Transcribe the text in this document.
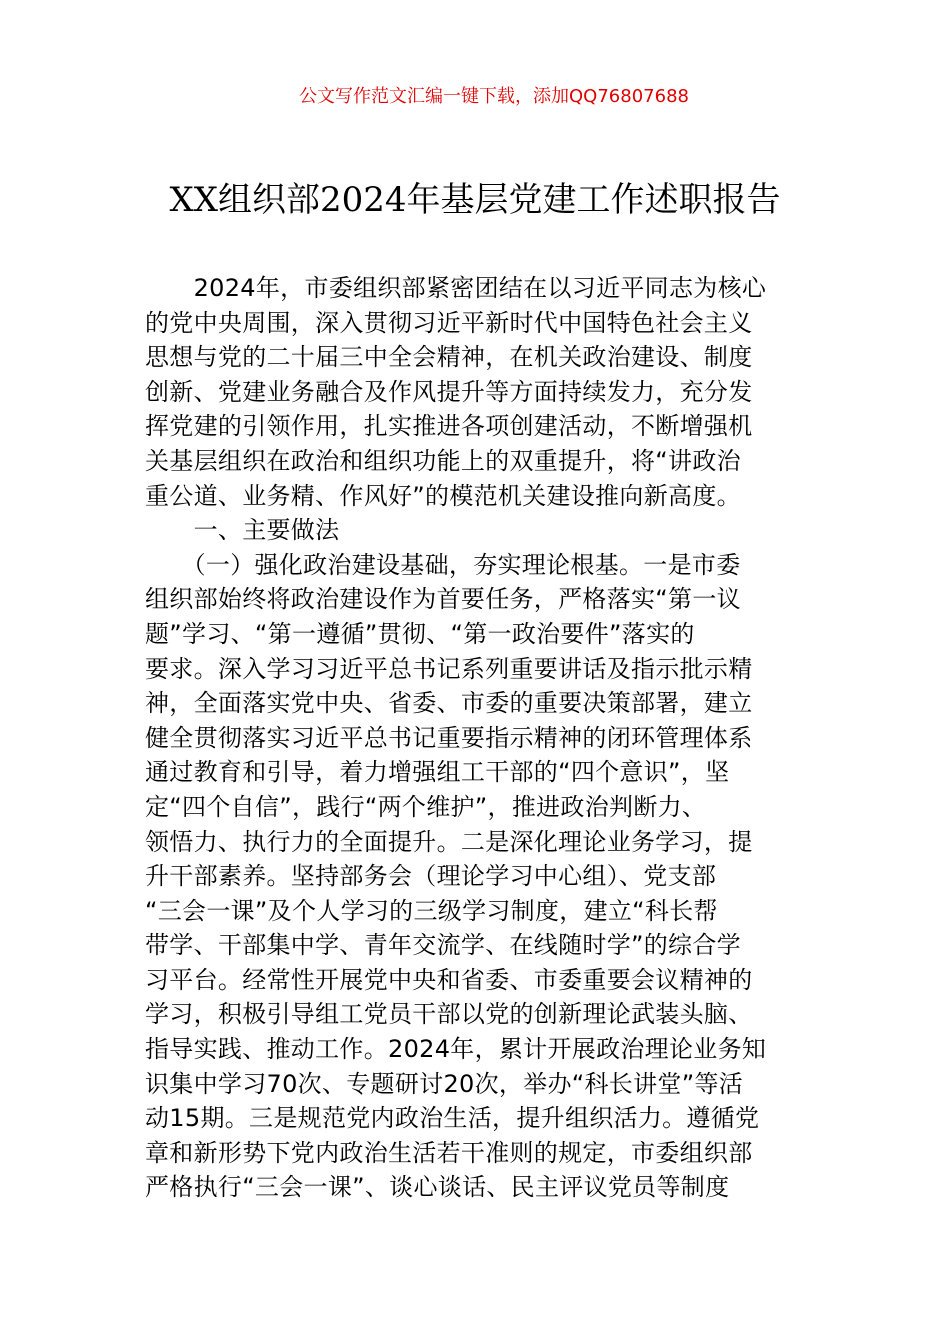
公文写作范文汇编一键下载，添加QQ76807688
XX组织部2024年基层党建工作述职报告
　　2024年，市委组织部紧密团结在以习近平同志为核心
的党中央周围，深入贯彻习近平新时代中国特色社会主义
思想与党的二十届三中全会精神，在机关政治建设、制度
创新、党建业务融合及作风提升等方面持续发力，充分发
挥党建的引领作用，扎实推进各项创建活动，不断增强机
关基层组织在政治和组织功能上的双重提升，将“讲政治
重公道、业务精、作风好”的模范机关建设推向新高度。
　　一、主要做法
　　（一）强化政治建设基础，夯实理论根基。一是市委
组织部始终将政治建设作为首要任务，严格落实“第一议
题”学习、“第一遵循”贯彻、“第一政治要件”落实的
要求。深入学习习近平总书记系列重要讲话及指示批示精
神，全面落实党中央、省委、市委的重要决策部署，建立
健全贯彻落实习近平总书记重要指示精神的闭环管理体系
通过教育和引导，着力增强组工干部的“四个意识”，坚
定“四个自信”，践行“两个维护”，推进政治判断力、
领悟力、执行力的全面提升。二是深化理论业务学习，提
升干部素养。坚持部务会（理论学习中心组）、党支部
“三会一课”及个人学习的三级学习制度，建立“科长帮
带学、干部集中学、青年交流学、在线随时学”的综合学
习平台。经常性开展党中央和省委、市委重要会议精神的
学习，积极引导组工党员干部以党的创新理论武装头脑、
指导实践、推动工作。2024年，累计开展政治理论业务知
识集中学习70次、专题研讨20次，举办“科长讲堂”等活
动15期。三是规范党内政治生活，提升组织活力。遵循党
章和新形势下党内政治生活若干准则的规定，市委组织部
严格执行“三会一课”、谈心谈话、民主评议党员等制度
